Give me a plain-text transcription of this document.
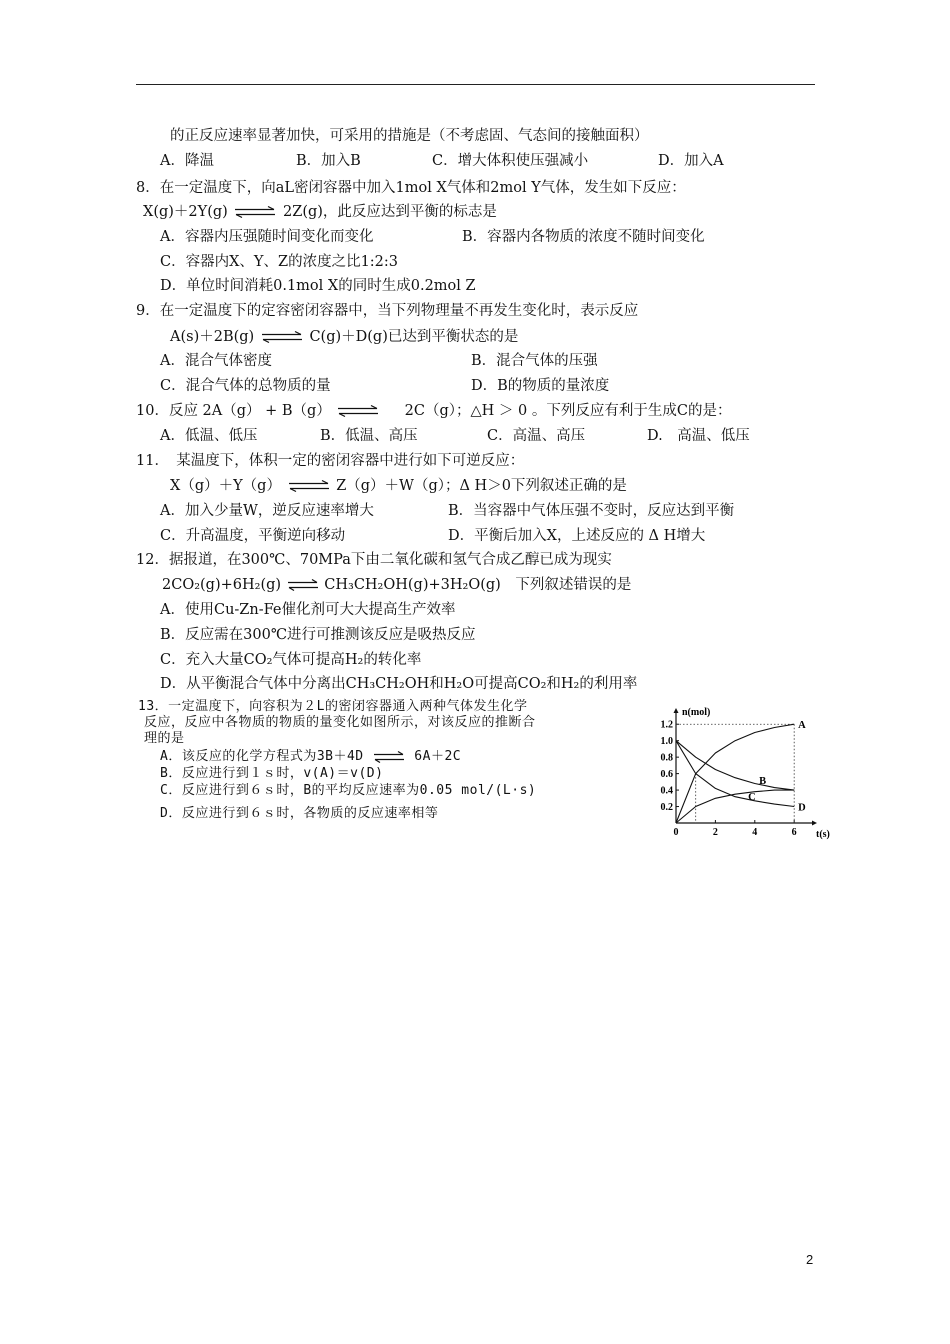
的正反应速率显著加快，可采用的措施是（不考虑固、气态间的接触面积）
A．降温	B．加入B	C．增大体积使压强减小	D．加入A
8．在一定温度下，向aL密闭容器中加入1mol X气体和2mol Y气体，发生如下反应：
X(g)＋2Y(g) ⇌ 2Z(g)，此反应达到平衡的标志是
A．容器内压强随时间变化而变化	B．容器内各物质的浓度不随时间变化
C．容器内X、Y、Z的浓度之比1:2:3
D．单位时间消耗0.1mol X的同时生成0.2mol Z
9．在一定温度下的定容密闭容器中，当下列物理量不再发生变化时，表示反应
A(s)＋2B(g) ⇌ C(g)＋D(g)已达到平衡状态的是
A．混合气体密度	B．混合气体的压强
C．混合气体的总物质的量	D．B的物质的量浓度
10．反应 2A（g） + B（g） ⇌ 2C（g）；△H ＞ 0 。下列反应有利于生成C的是：
A．低温、低压	B．低温、高压	C．高温、高压	D.　高温、低压
11．　某温度下，体积一定的密闭容器中进行如下可逆反应：
X（g）＋Y（g） ⇌ Z（g）＋W（g）；Δ H＞0下列叙述正确的是
A．加入少量W，逆反应速率增大	B．当容器中气体压强不变时，反应达到平衡
C．升高温度，平衡逆向移动	D．平衡后加入X，上述反应的 Δ H增大
12．据报道，在300℃、70MPa下由二氧化碳和氢气合成乙醇已成为现实
2CO₂(g)+6H₂(g) ⇌ CH₃CH₂OH(g)+3H₂O(g)　下列叙述错误的是
A．使用Cu-Zn-Fe催化剂可大大提高生产效率
B．反应需在300℃进行可推测该反应是吸热反应
C．充入大量CO₂气体可提高H₂的转化率
D．从平衡混合气体中分离出CH₃CH₂OH和H₂O可提高CO₂和H₂的利用率
13．一定温度下，向容积为２L的密闭容器通入两种气体发生化学
反应，反应中各物质的物质的量变化如图所示，对该反应的推断合
理的是
A．该反应的化学方程式为3B＋4D ⇌ 6A＋2C
B．反应进行到１ｓ时，v(A)＝v(D)
C．反应进行到６ｓ时，B的平均反应速率为0.05 mol/(L·s)
D．反应进行到６ｓ时，各物质的反应速率相等
1.2
1.0
0.8
0.6
0.4
0.2
0	2	4	6
n(mol)
t(s)
A
B
C
D
2
